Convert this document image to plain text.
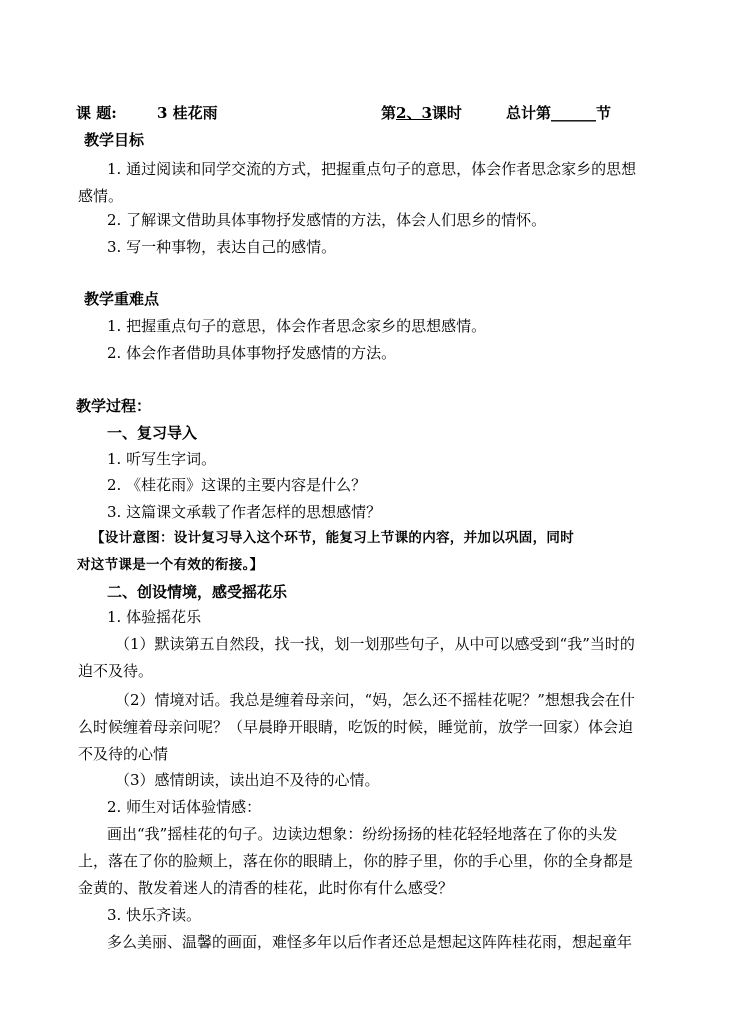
课 题:	3 桂花雨	第2、3课时	总计第______节
教学目标
1. 通过阅读和同学交流的方式，把握重点句子的意思，体会作者思念家乡的思想
感情。
2. 了解课文借助具体事物抒发感情的方法，体会人们思乡的情怀。
3. 写一种事物，表达自己的感情。
教学重难点
1. 把握重点句子的意思，体会作者思念家乡的思想感情。
2. 体会作者借助具体事物抒发感情的方法。
教学过程：
一、复习导入
1. 听写生字词。
2. 《桂花雨》这课的主要内容是什么？
3. 这篇课文承载了作者怎样的思想感情？
【设计意图：设计复习导入这个环节，能复习上节课的内容，并加以巩固，同时
对这节课是一个有效的衔接。】
二、创设情境，感受摇花乐
1. 体验摇花乐
（1）默读第五自然段，找一找，划一划那些句子，从中可以感受到“我”当时的
迫不及待。
（2）情境对话。我总是缠着母亲问，“妈，怎么还不摇桂花呢？”想想我会在什
么时候缠着母亲问呢？（早晨睁开眼睛，吃饭的时候，睡觉前，放学一回家）体会迫
不及待的心情
（3）感情朗读，读出迫不及待的心情。
2. 师生对话体验情感：
画出“我”摇桂花的句子。边读边想象：纷纷扬扬的桂花轻轻地落在了你的头发
上，落在了你的脸颊上，落在你的眼睛上，你的脖子里，你的手心里，你的全身都是
金黄的、散发着迷人的清香的桂花，此时你有什么感受？
3. 快乐齐读。
多么美丽、温馨的画面，难怪多年以后作者还总是想起这阵阵桂花雨，想起童年
